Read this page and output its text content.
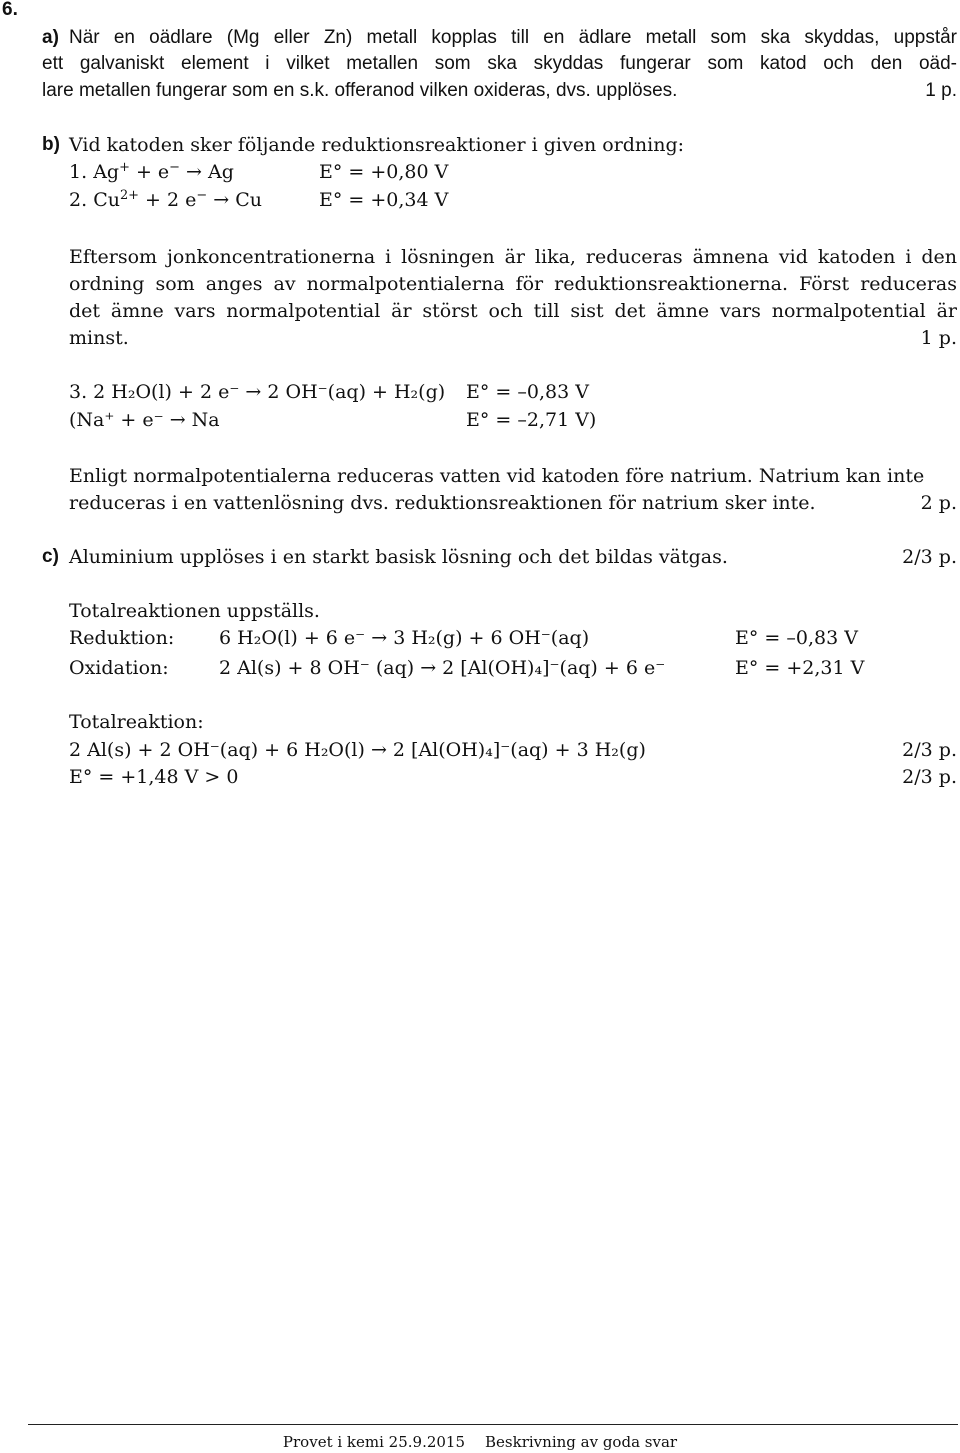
6.
a) När en oädlare (Mg eller Zn) metall kopplas till en ädlare metall som ska skyddas, uppstår
ett galvaniskt element i vilket metallen som ska skyddas fungerar som katod och den oäd-
lare metallen fungerar som en s.k. offeranod vilken oxideras, dvs. upplöses.	1 p.
b) Vid katoden sker följande reduktionsreaktioner i given ordning:
1. Ag+ + e− → Ag	E° = +0,80 V
2. $Cu^{2+} + 2$ e− → Cu	E° = +0,34 V
Eftersom jonkoncentrationerna i lösningen är lika, reduceras ämnena vid katoden i den
ordning som anges av normalpotentialerna för reduktionsreaktionerna. Först reduceras
det ämne vars normalpotential är störst och till sist det ämne vars normalpotential är
minst.	1 p.
3. 2 H₂O(l) + 2 e⁻ → 2 OH⁻(aq) + H₂(g) E° = –0,83 V
(Na⁺ + e⁻ → Na	E° = –2,71 V)
Enligt normalpotentialerna reduceras vatten vid katoden före natrium. Natrium kan inte
reduceras i en vattenlösning dvs. reduktionsreaktionen för natrium sker inte.	2 p.
c) Aluminium upplöses i en starkt basisk lösning och det bildas vätgas.	2/3 p.
Totalreaktionen uppställs.
Reduktion: 6 H₂O(l) + 6 e⁻ → 3 H₂(g) + 6 OH⁻(aq)	E° = –0,83 V
Oxidation:	2 Al(s) + 8 OH⁻ (aq) → 2 [Al(OH)₄]⁻(aq) + 6 e⁻	E° = +2,31 V
Totalreaktion:
2 Al(s) + 2 OH⁻(aq) + 6 H₂O(l) → 2 [Al(OH)₄]⁻(aq) + 3 H₂(g)	2/3 p.
E° = +1,48 V > 0	2/3 p.
Provet i kemi 25.9.2015 Beskrivning av goda svar
